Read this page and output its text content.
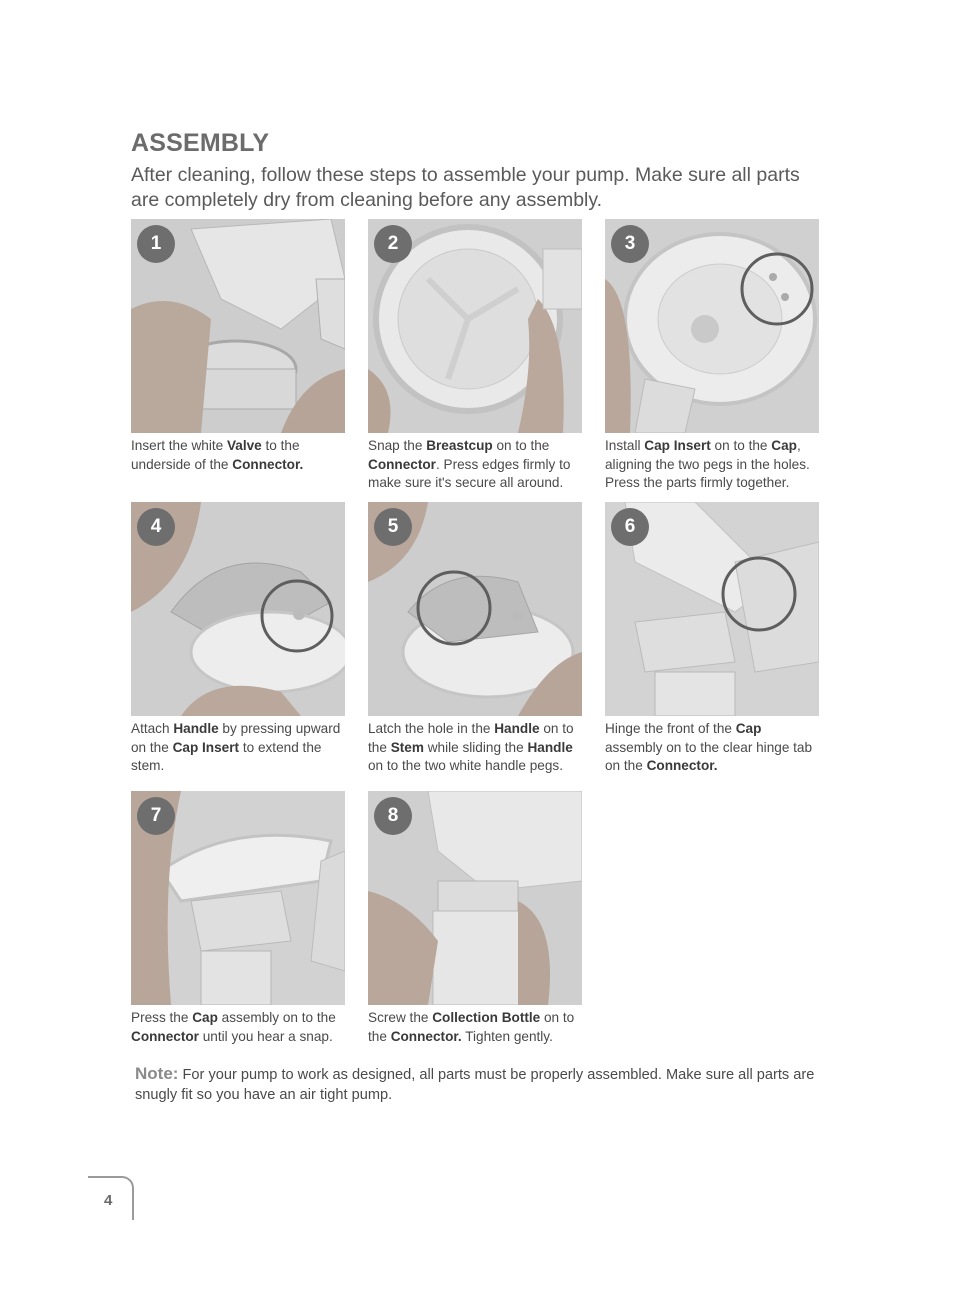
ASSEMBLY

After cleaning, follow these steps to assemble your pump. Make sure all parts are completely dry from cleaning before any assembly.

1

Insert the white Valve to the underside of the Connector.

2

Snap the Breastcup on to the Connector. Press edges firmly to make sure it's secure all around.

3

Install Cap Insert on to the Cap, aligning the two pegs in the holes. Press the parts firmly together.

4

Attach Handle by pressing upward on the Cap Insert to extend the stem.

5

Latch the hole in the Handle on to the Stem while sliding the Handle on to the two white handle pegs.

6

Hinge the front of the Cap assembly on to the clear hinge tab on the Connector.

7

Press the Cap assembly on to the Connector until you hear a snap.

8

Screw the Collection Bottle on to the Connector. Tighten gently.

Note: For your pump to work as designed, all parts must be properly assembled. Make sure all parts are snugly fit so you have an air tight pump.

4
